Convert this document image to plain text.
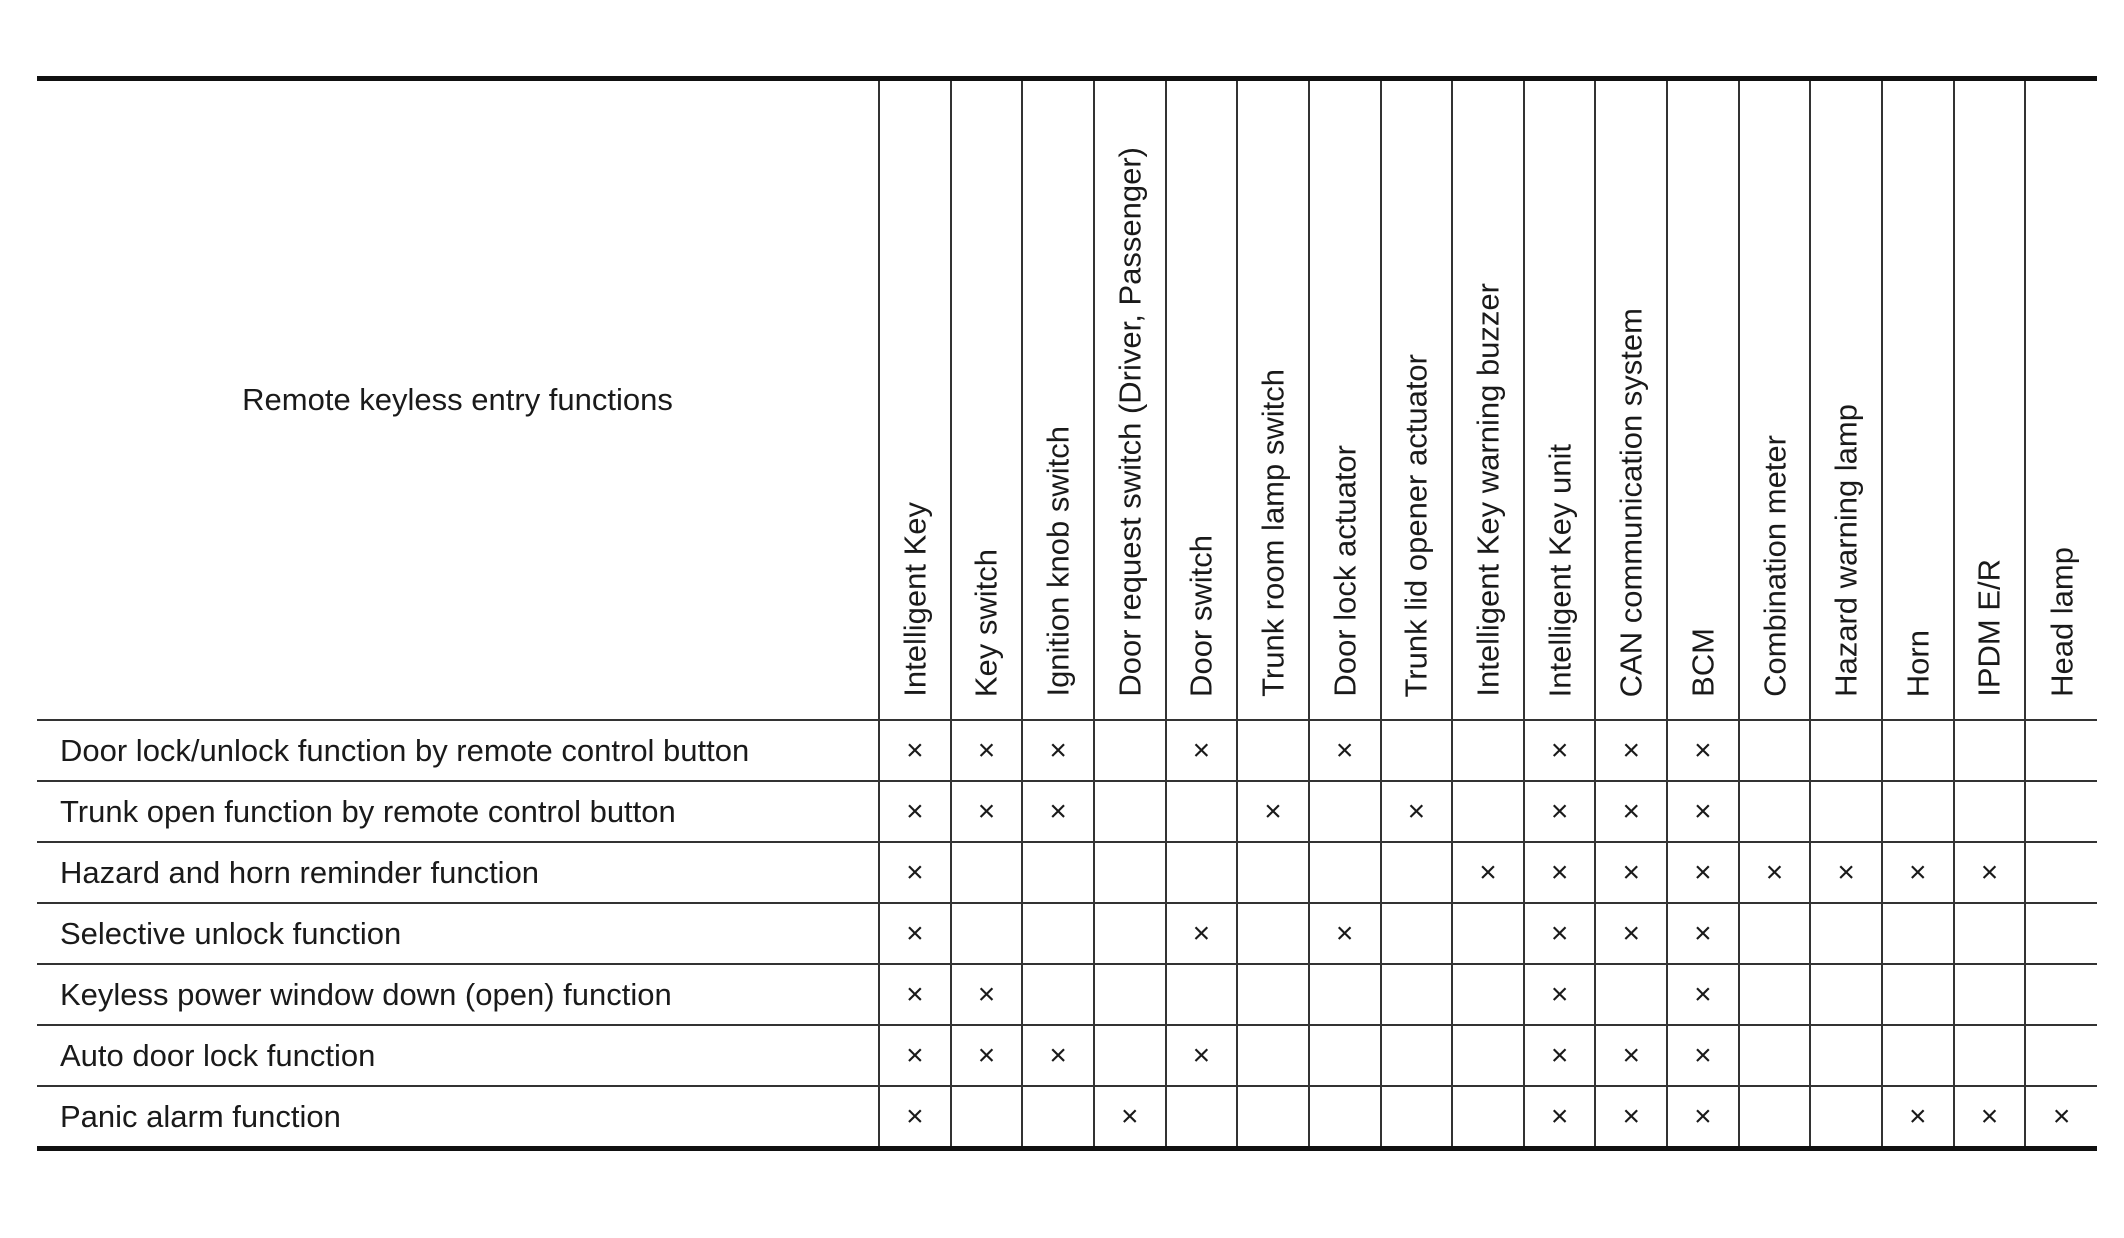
Remote keyless entry functions	Intelligent Key	Key switch	Ignition knob switch	Door request switch (Driver, Passenger)	Door switch	Trunk room lamp switch	Door lock actuator	Trunk lid opener actuator	Intelligent Key warning buzzer	Intelligent Key unit	CAN communication system	BCM	Combination meter	Hazard warning lamp	Horn	IPDM E/R	Head lamp

Door lock/unlock function by remote control button	×	×	×		×		×			×	×	×					
Trunk open function by remote control button	×	×	×			×		×		×	×	×					
Hazard and horn reminder function	×								×	×	×	×	×	×	×	×	
Selective unlock function	×				×		×			×	×	×					
Keyless power window down (open) function	×	×								×		×					
Auto door lock function	×	×	×		×					×	×	×					
Panic alarm function	×			×						×	×	×			×	×	×
